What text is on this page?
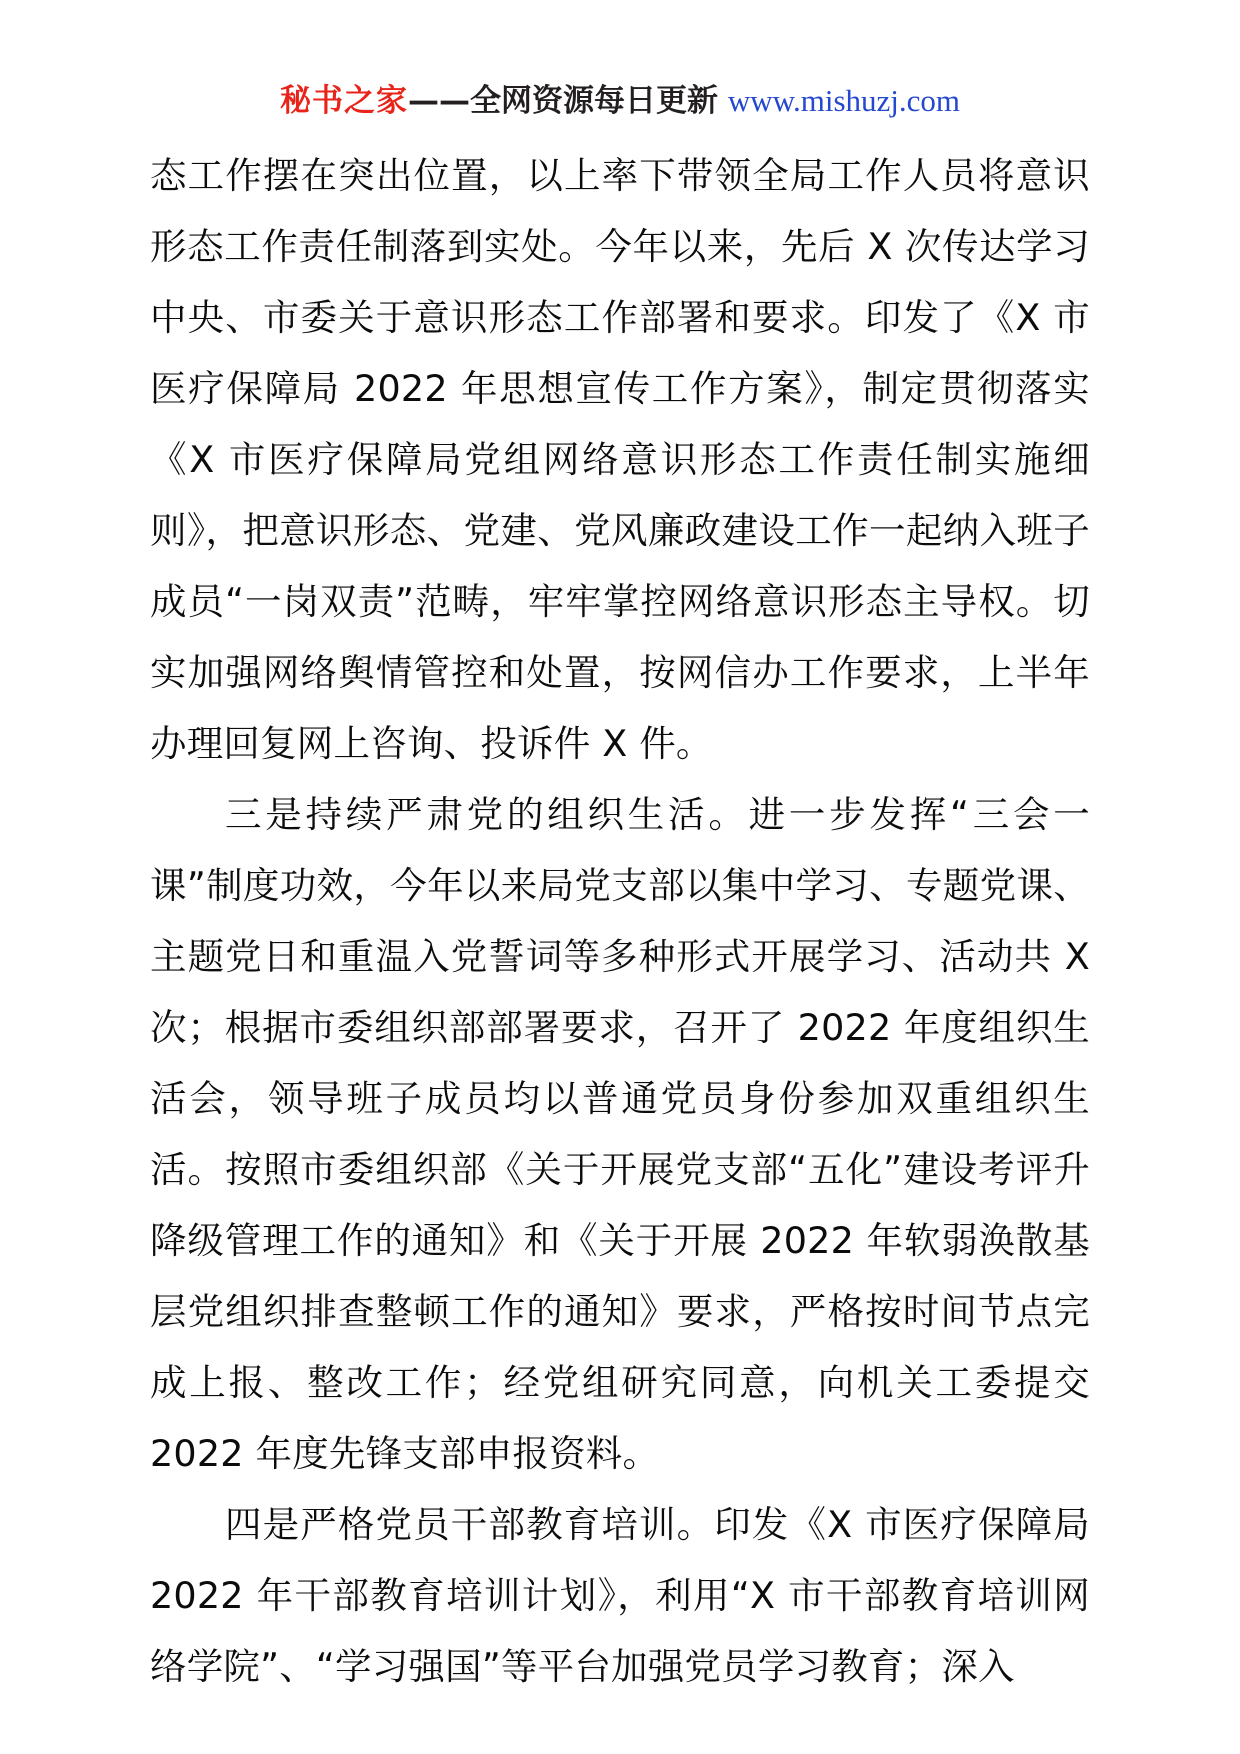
秘书之家——全网资源每日更新 www.mishuzj.com

态工作摆在突出位置，以上率下带领全局工作人员将意识形态工作责任制落到实处。今年以来，先后 X 次传达学习中央、市委关于意识形态工作部署和要求。印发了《X 市医疗保障局 2022 年思想宣传工作方案》，制定贯彻落实《X 市医疗保障局党组网络意识形态工作责任制实施细则》，把意识形态、党建、党风廉政建设工作一起纳入班子成员“一岗双责”范畴，牢牢掌控网络意识形态主导权。切实加强网络舆情管控和处置，按网信办工作要求，上半年办理回复网上咨询、投诉件 X 件。

三是持续严肃党的组织生活。进一步发挥“三会一课”制度功效，今年以来局党支部以集中学习、专题党课、主题党日和重温入党誓词等多种形式开展学习、活动共 X 次；根据市委组织部部署要求，召开了 2022 年度组织生活会，领导班子成员均以普通党员身份参加双重组织生活。按照市委组织部《关于开展党支部“五化”建设考评升降级管理工作的通知》和《关于开展 2022 年软弱涣散基层党组织排查整顿工作的通知》要求，严格按时间节点完成上报、整改工作；经党组研究同意，向机关工委提交 2022 年度先锋支部申报资料。

四是严格党员干部教育培训。印发《X 市医疗保障局 2022 年干部教育培训计划》，利用“X 市干部教育培训网络学院”、“学习强国”等平台加强党员学习教育；深入
